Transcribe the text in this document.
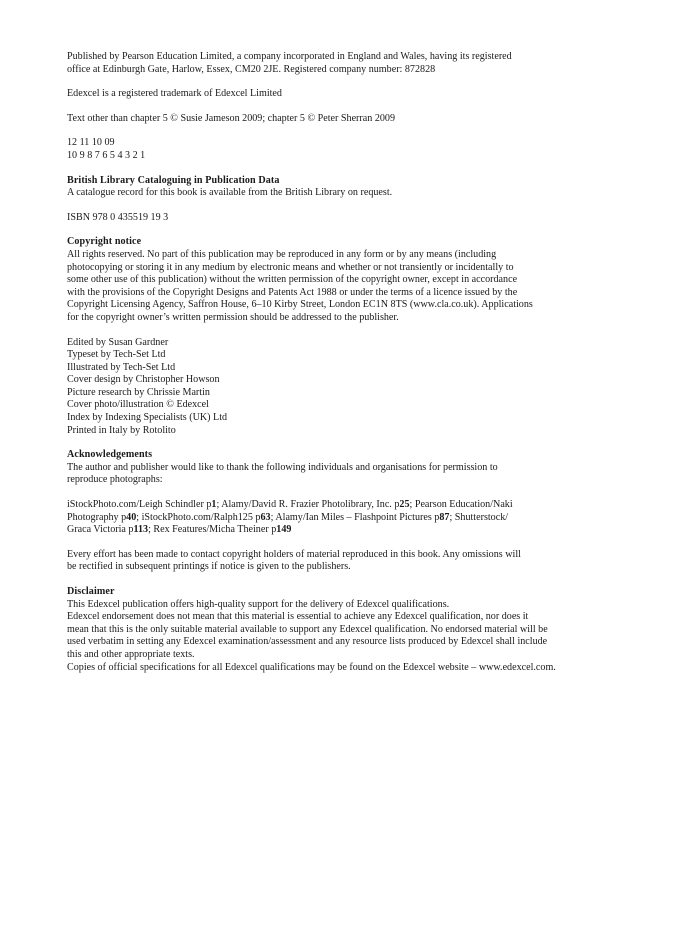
Published by Pearson Education Limited, a company incorporated in England and Wales, having its registered
office at Edinburgh Gate, Harlow, Essex, CM20 2JE. Registered company number: 872828
Edexcel is a registered trademark of Edexcel Limited
Text other than chapter 5 © Susie Jameson 2009; chapter 5 © Peter Sherran 2009
12 11 10 09
10 9 8 7 6 5 4 3 2 1
British Library Cataloguing in Publication Data
A catalogue record for this book is available from the British Library on request.
ISBN 978 0 435519 19 3
Copyright notice
All rights reserved. No part of this publication may be reproduced in any form or by any means (including
photocopying or storing it in any medium by electronic means and whether or not transiently or incidentally to
some other use of this publication) without the written permission of the copyright owner, except in accordance
with the provisions of the Copyright Designs and Patents Act 1988 or under the terms of a licence issued by the
Copyright Licensing Agency, Saffron House, 6–10 Kirby Street, London EC1N 8TS (www.cla.co.uk). Applications
for the copyright owner’s written permission should be addressed to the publisher.
Edited by Susan Gardner
Typeset by Tech-Set Ltd
Illustrated by Tech-Set Ltd
Cover design by Christopher Howson
Picture research by Chrissie Martin
Cover photo/illustration © Edexcel
Index by Indexing Specialists (UK) Ltd
Printed in Italy by Rotolito
Acknowledgements
The author and publisher would like to thank the following individuals and organisations for permission to
reproduce photographs:
iStockPhoto.com/Leigh Schindler p1; Alamy/David R. Frazier Photolibrary, Inc. p25; Pearson Education/Naki
Photography p40; iStockPhoto.com/Ralph125 p63; Alamy/Ian Miles – Flashpoint Pictures p87; Shutterstock/
Graca Victoria p113; Rex Features/Micha Theiner p149
Every effort has been made to contact copyright holders of material reproduced in this book. Any omissions will
be rectified in subsequent printings if notice is given to the publishers.
Disclaimer
This Edexcel publication offers high-quality support for the delivery of Edexcel qualifications.
Edexcel endorsement does not mean that this material is essential to achieve any Edexcel qualification, nor does it
mean that this is the only suitable material available to support any Edexcel qualification. No endorsed material will be
used verbatim in setting any Edexcel examination/assessment and any resource lists produced by Edexcel shall include
this and other appropriate texts.
Copies of official specifications for all Edexcel qualifications may be found on the Edexcel website – www.edexcel.com.
